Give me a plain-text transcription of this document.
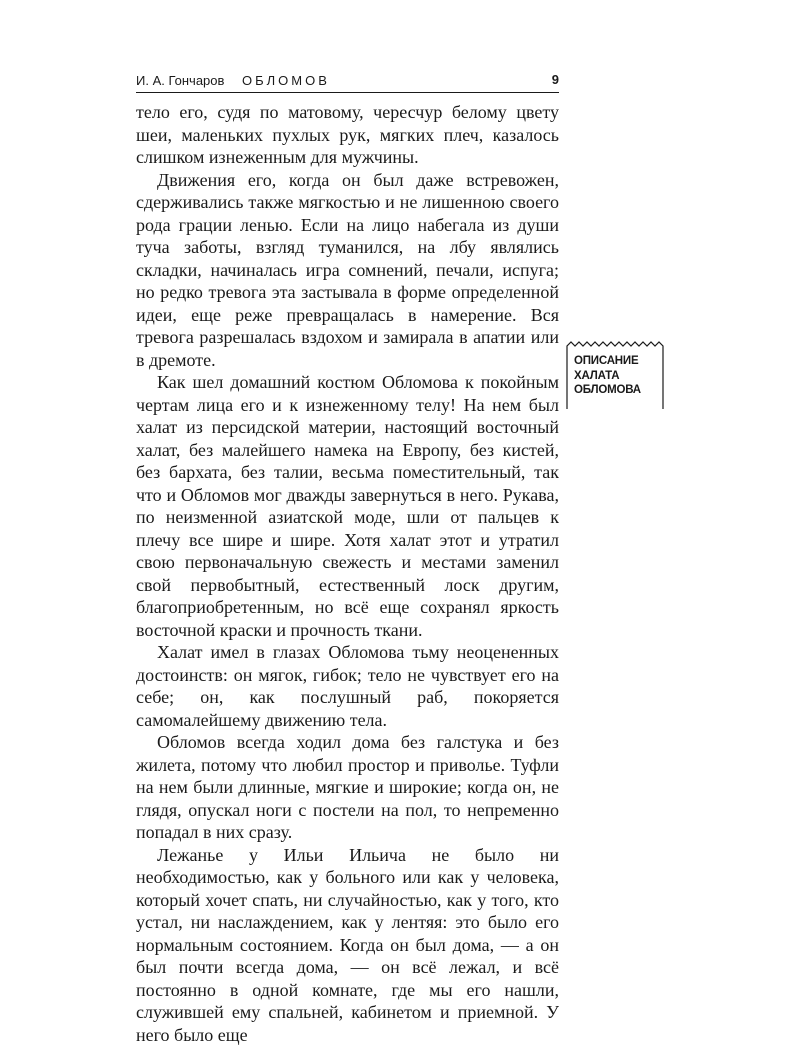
И. А. Гончаров ОБЛОМОВ	9

тело его, судя по матовому, чересчур белому цвету шеи, маленьких пухлых рук, мягких плеч, казалось слишком изнеженным для мужчины.

Движения его, когда он был даже встревожен, сдерживались также мягкостью и не лишенною своего рода грации ленью. Если на лицо набегала из души туча заботы, взгляд туманился, на лбу являлись складки, начиналась игра сомнений, печали, испуга; но редко тревога эта застывала в форме определенной идеи, еще реже превращалась в намерение. Вся тревога разрешалась вздохом и замирала в апатии или в дремоте.

Как шел домашний костюм Обломова к покойным чертам лица его и к изнеженному телу! На нем был халат из персидской материи, настоящий восточный халат, без малейшего намека на Европу, без кистей, без бархата, без талии, весьма поместительный, так что и Обломов мог дважды завернуться в него. Рукава, по неизменной азиатской моде, шли от пальцев к плечу все шире и шире. Хотя халат этот и утратил свою первоначальную свежесть и местами заменил свой первобытный, естественный лоск другим, благоприобретенным, но всё еще сохранял яркость восточной краски и прочность ткани.

Халат имел в глазах Обломова тьму неоцененных достоинств: он мягок, гибок; тело не чувствует его на себе; он, как послушный раб, покоряется самомалейшему движению тела.

Обломов всегда ходил дома без галстука и без жилета, потому что любил простор и приволье. Туфли на нем были длинные, мягкие и широкие; когда он, не глядя, опускал ноги с постели на пол, то непременно попадал в них сразу.

Лежанье у Ильи Ильича не было ни необходимостью, как у больного или как у человека, который хочет спать, ни случайностью, как у того, кто устал, ни наслаждением, как у лентяя: это было его нормальным состоянием. Когда он был дома, — а он был почти всегда дома, — он всё лежал, и всё постоянно в одной комнате, где мы его нашли, служившей ему спальней, кабинетом и приемной. У него было еще

ОПИСАНИЕ
ХАЛАТА
ОБЛОМОВА
